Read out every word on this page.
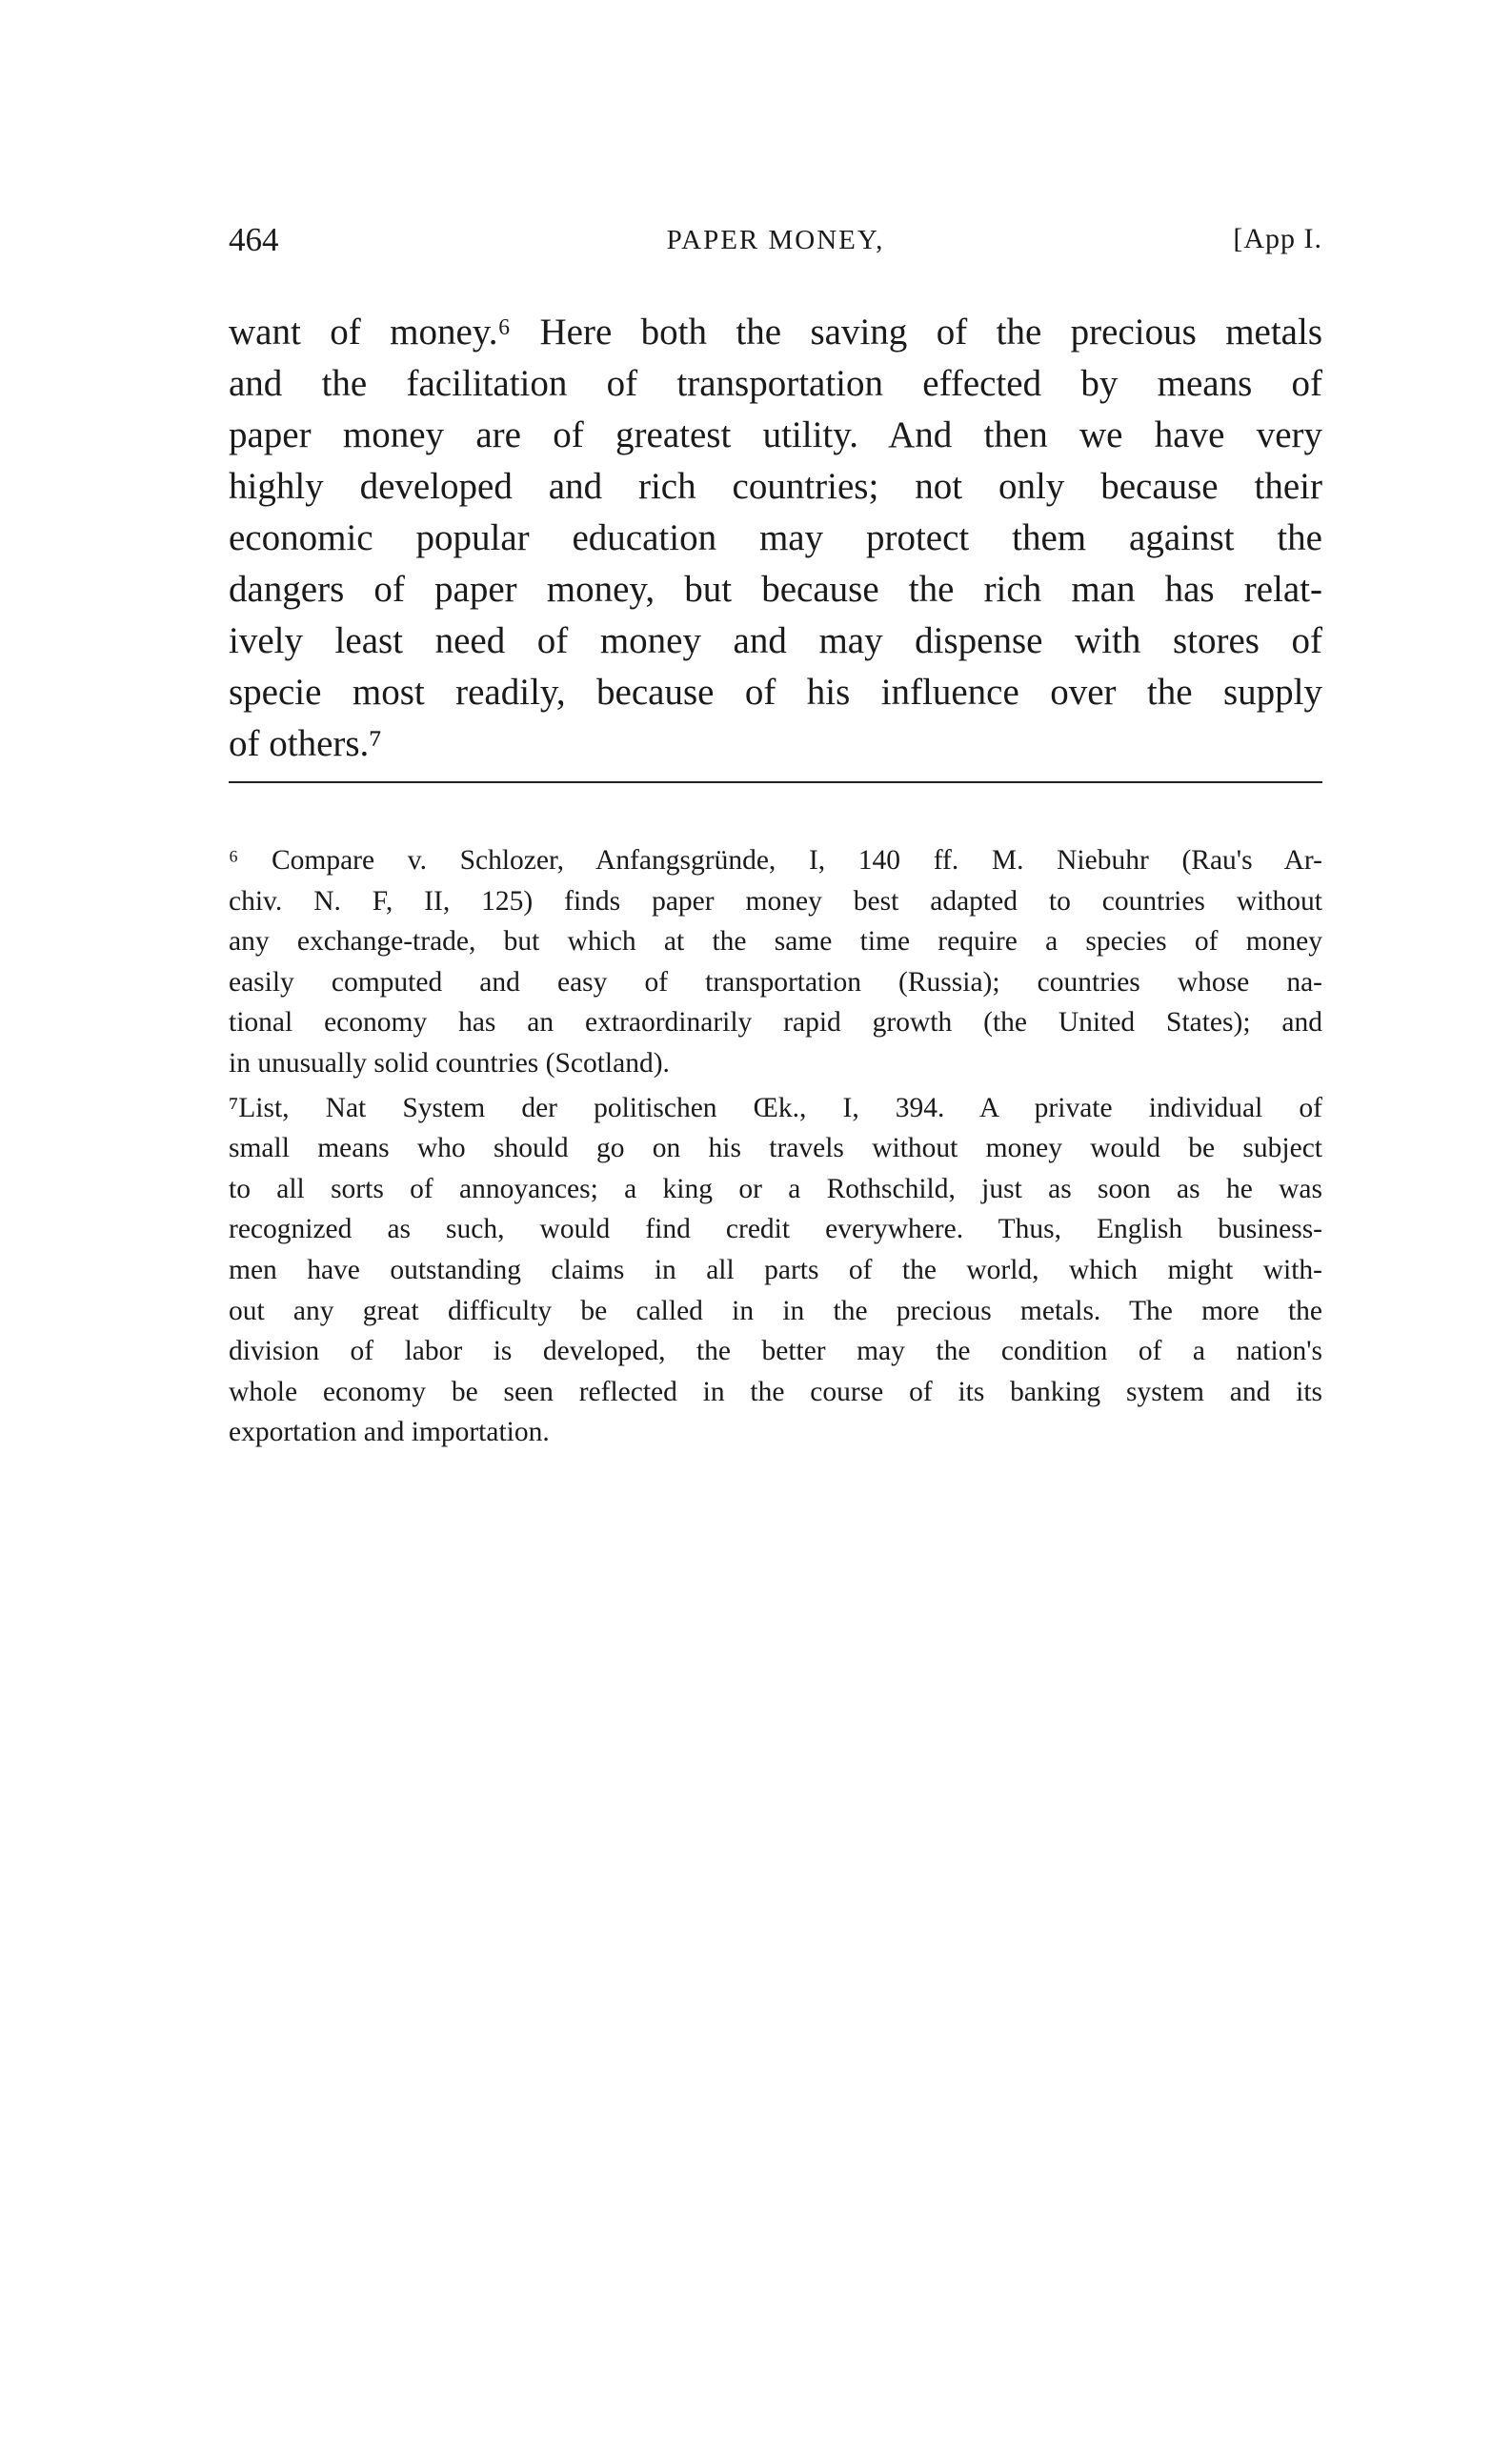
464	PAPER MONEY,	[App I.
want of money.⁶ Here both the saving of the precious metals
and the facilitation of transportation effected by means of
paper money are of greatest utility. And then we have very
highly developed and rich countries; not only because their
economic popular education may protect them against the
dangers of paper money, but because the rich man has relat-
ively least need of money and may dispense with stores of
specie most readily, because of his influence over the supply
of others.⁷
⁶ Compare v. Schlozer, Anfangsgründe, I, 140 ff. M. Niebuhr (Rau's Ar-
chiv. N. F, II, 125) finds paper money best adapted to countries without
any exchange-trade, but which at the same time require a species of money
easily computed and easy of transportation (Russia); countries whose na-
tional economy has an extraordinarily rapid growth (the United States); and
in unusually solid countries (Scotland).
⁷List, Nat System der politischen Œk., I, 394. A private individual of
small means who should go on his travels without money would be subject
to all sorts of annoyances; a king or a Rothschild, just as soon as he was
recognized as such, would find credit everywhere. Thus, English business-
men have outstanding claims in all parts of the world, which might with-
out any great difficulty be called in in the precious metals. The more the
division of labor is developed, the better may the condition of a nation's
whole economy be seen reflected in the course of its banking system and its
exportation and importation.
